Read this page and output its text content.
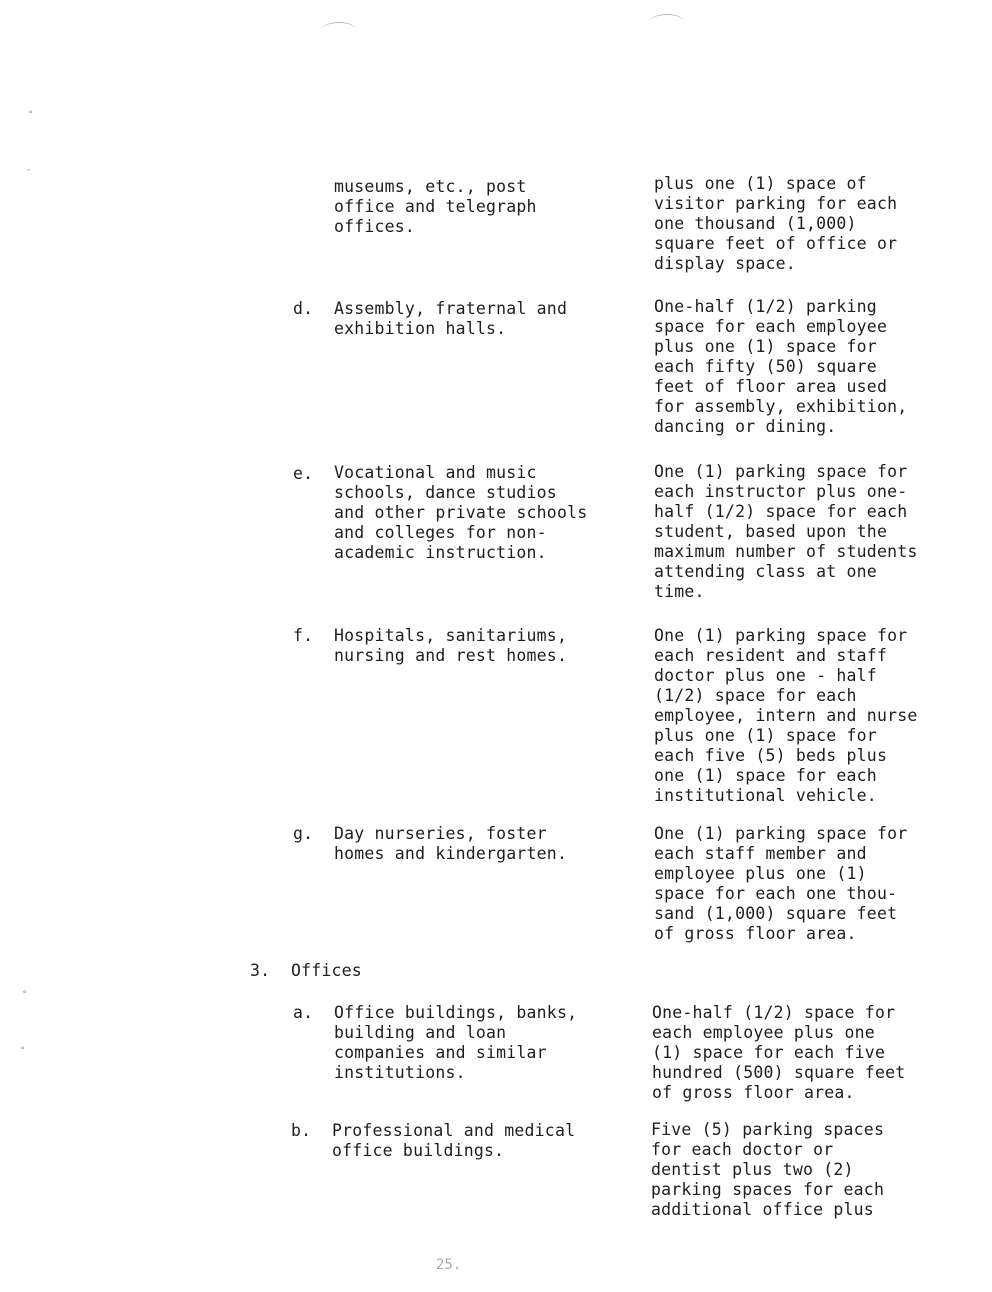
°
-
°
°
museums, etc., post
office and telegraph
offices.
plus one (1) space of
visitor parking for each
one thousand (1,000)
square feet of office or
display space.
d. Assembly, fraternal and
exhibition halls.
One-half (1/2) parking
space for each employee
plus one (1) space for
each fifty (50) square
feet of floor area used
for assembly, exhibition,
dancing or dining.
e. Vocational and music
schools, dance studios
and other private schools
and colleges for non-
academic instruction.
One (1) parking space for
each instructor plus one-
half (1/2) space for each
student, based upon the
maximum number of students
attending class at one
time.
f. Hospitals, sanitariums,
nursing and rest homes.
One (1) parking space for
each resident and staff
doctor plus one - half
(1/2) space for each
employee, intern and nurse
plus one (1) space for
each five (5) beds plus
one (1) space for each
institutional vehicle.
g. Day nurseries, foster
homes and kindergarten.
One (1) parking space for
each staff member and
employee plus one (1)
space for each one thou-
sand (1,000) square feet
of gross floor area.
3. Offices
a. Office buildings, banks,
building and loan
companies and similar
institutions.
One-half (1/2) space for
each employee plus one
(1) space for each five
hundred (500) square feet
of gross floor area.
b. Professional and medical
office buildings.
Five (5) parking spaces
for each doctor or
dentist plus two (2)
parking spaces for each
additional office plus
25.
